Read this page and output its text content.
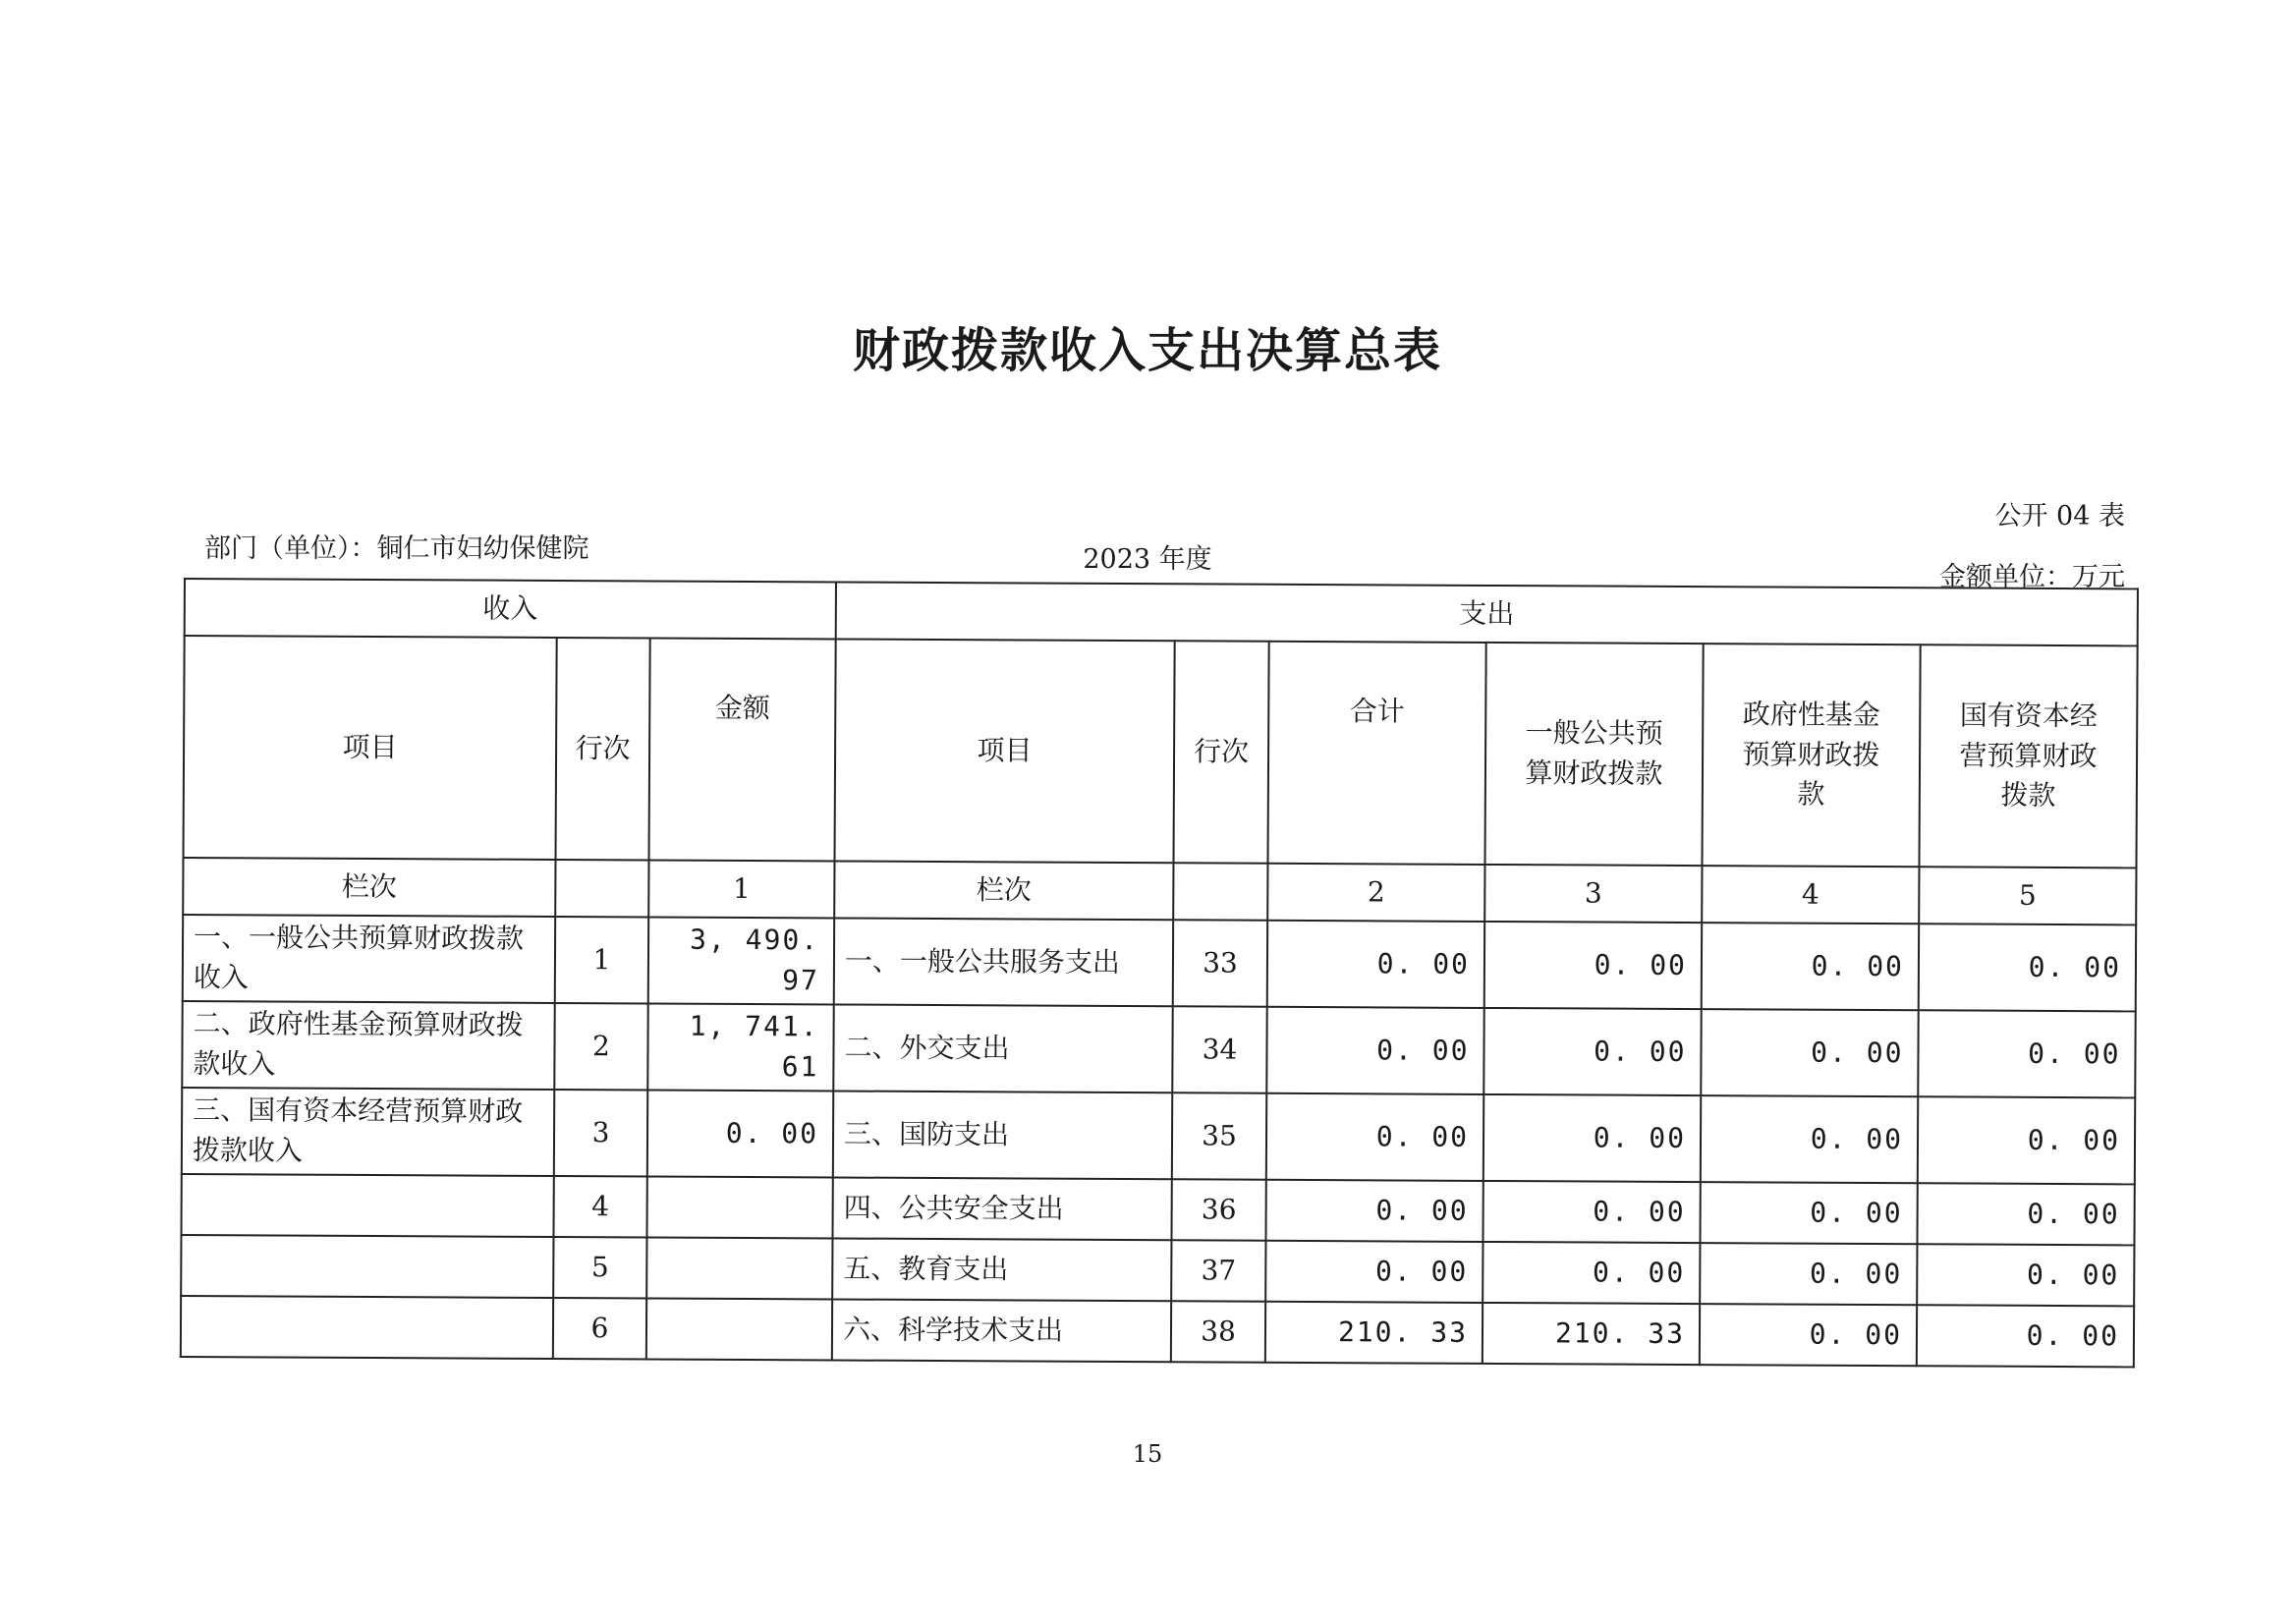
财政拨款收入支出决算总表
公开 04 表
部门（单位）：铜仁市妇幼保健院	2023 年度
金额单位：万元
收入			支出					
项目	行次	金额	项目	行次	合计	一般公共预算财政拨款	政府性基金预算财政拨款	国有资本经营预算财政拨款
栏次		1	栏次		2	3	4	5
一、一般公共预算财政拨款收入	1	3, 490. 97	一、一般公共服务支出	33	0. 00	0. 00	0. 00	0. 00
二、政府性基金预算财政拨款收入	2	1, 741. 61	二、外交支出	34	0. 00	0. 00	0. 00	0. 00
三、国有资本经营预算财政拨款收入	3	0. 00	三、国防支出	35	0. 00	0. 00	0. 00	0. 00
	4		四、公共安全支出	36	0. 00	0. 00	0. 00	0. 00
	5		五、教育支出	37	0. 00	0. 00	0. 00	0. 00
	6		六、科学技术支出	38	210. 33	210. 33	0. 00	0. 00
15
